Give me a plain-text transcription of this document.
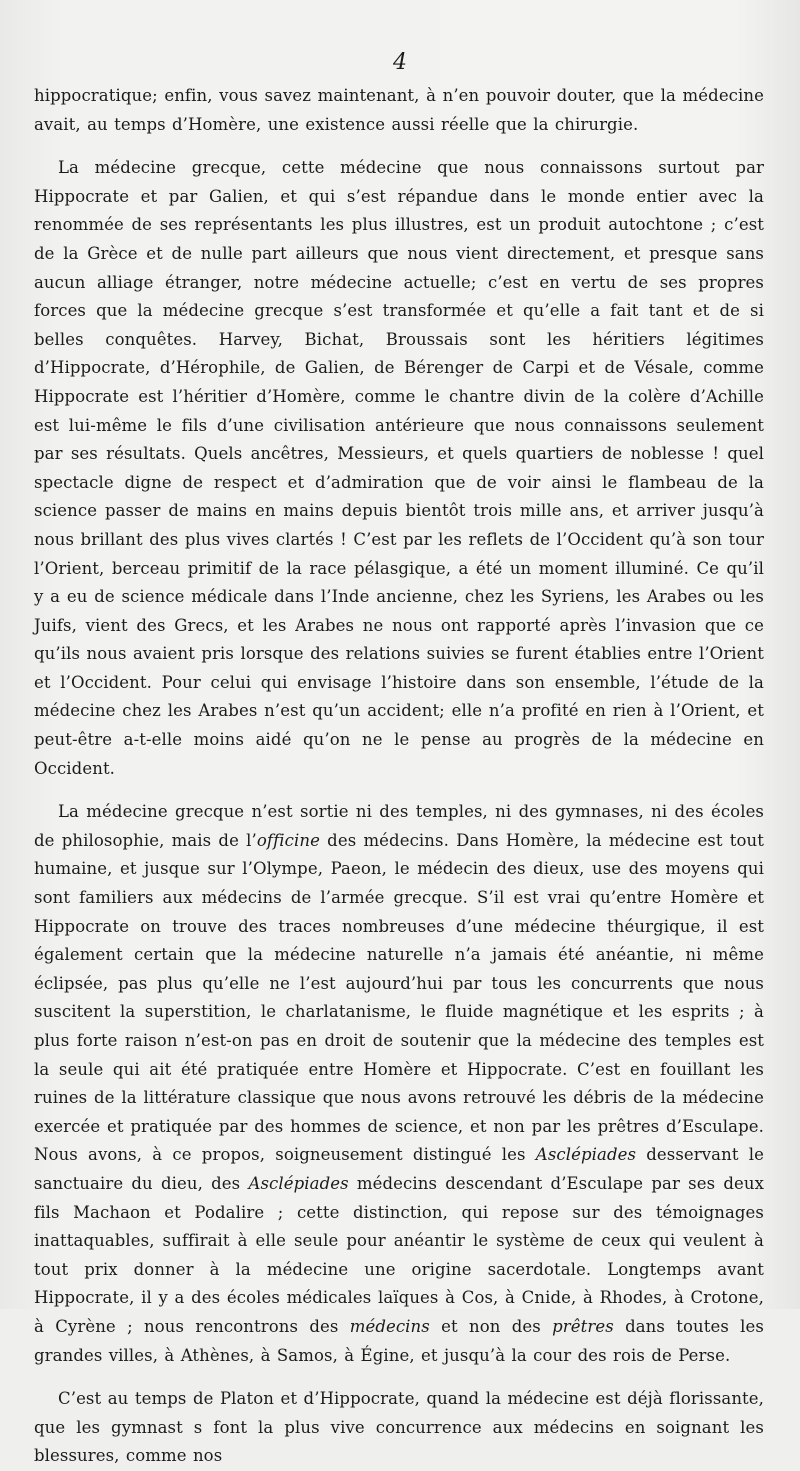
4

hippocratique; enfin, vous savez maintenant, à n’en pouvoir douter, que la médecine avait, au temps d’Homère, une existence aussi réelle que la chirurgie.

La médecine grecque, cette médecine que nous connaissons surtout par Hippocrate et par Galien, et qui s’est répandue dans le monde entier avec la renommée de ses représentants les plus illustres, est un produit autochtone ; c’est de la Grèce et de nulle part ailleurs que nous vient directement, et presque sans aucun alliage étranger, notre médecine actuelle; c’est en vertu de ses propres forces que la médecine grecque s’est transformée et qu’elle a fait tant et de si belles conquêtes. Harvey, Bichat, Broussais sont les héritiers légitimes d’Hippocrate, d’Hérophile, de Galien, de Bérenger de Carpi et de Vésale, comme Hippocrate est l’héritier d’Homère, comme le chantre divin de la colère d’Achille est lui-même le fils d’une civilisation antérieure que nous connaissons seulement par ses résultats. Quels ancêtres, Messieurs, et quels quartiers de noblesse ! quel spectacle digne de respect et d’admiration que de voir ainsi le flambeau de la science passer de mains en mains depuis bientôt trois mille ans, et arriver jusqu’à nous brillant des plus vives clartés ! C’est par les reflets de l’Occident qu’à son tour l’Orient, berceau primitif de la race pélasgique, a été un moment illuminé. Ce qu’il y a eu de science médicale dans l’Inde ancienne, chez les Syriens, les Arabes ou les Juifs, vient des Grecs, et les Arabes ne nous ont rapporté après l’invasion que ce qu’ils nous avaient pris lorsque des relations suivies se furent établies entre l’Orient et l’Occident. Pour celui qui envisage l’histoire dans son ensemble, l’étude de la médecine chez les Arabes n’est qu’un accident; elle n’a profité en rien à l’Orient, et peut-être a-t-elle moins aidé qu’on ne le pense au progrès de la médecine en Occident.

La médecine grecque n’est sortie ni des temples, ni des gymnases, ni des écoles de philosophie, mais de l’officine des médecins. Dans Homère, la médecine est tout humaine, et jusque sur l’Olympe, Paeon, le médecin des dieux, use des moyens qui sont familiers aux médecins de l’armée grecque. S’il est vrai qu’entre Homère et Hippocrate on trouve des traces nombreuses d’une médecine théurgique, il est également certain que la médecine naturelle n’a jamais été anéantie, ni même éclipsée, pas plus qu’elle ne l’est aujourd’hui par tous les concurrents que nous suscitent la superstition, le charlatanisme, le fluide magnétique et les esprits ; à plus forte raison n’est-on pas en droit de soutenir que la médecine des temples est la seule qui ait été pratiquée entre Homère et Hippocrate. C’est en fouillant les ruines de la littérature classique que nous avons retrouvé les débris de la médecine exercée et pratiquée par des hommes de science, et non par les prêtres d’Esculape. Nous avons, à ce propos, soigneusement distingué les Asclépiades desservant le sanctuaire du dieu, des Asclépiades médecins descendant d’Esculape par ses deux fils Machaon et Podalire ; cette distinction, qui repose sur des témoignages inattaquables, suffirait à elle seule pour anéantir le système de ceux qui veulent à tout prix donner à la médecine une origine sacerdotale. Longtemps avant Hippocrate, il y a des écoles médicales laïques à Cos, à Cnide, à Rhodes, à Crotone, à Cyrène ; nous rencontrons des médecins et non des prêtres dans toutes les grandes villes, à Athènes, à Samos, à Égine, et jusqu’à la cour des rois de Perse.

C’est au temps de Platon et d’Hippocrate, quand la médecine est déjà florissante, que les gymnast s font la plus vive concurrence aux médecins en soignant les blessures, comme nos
